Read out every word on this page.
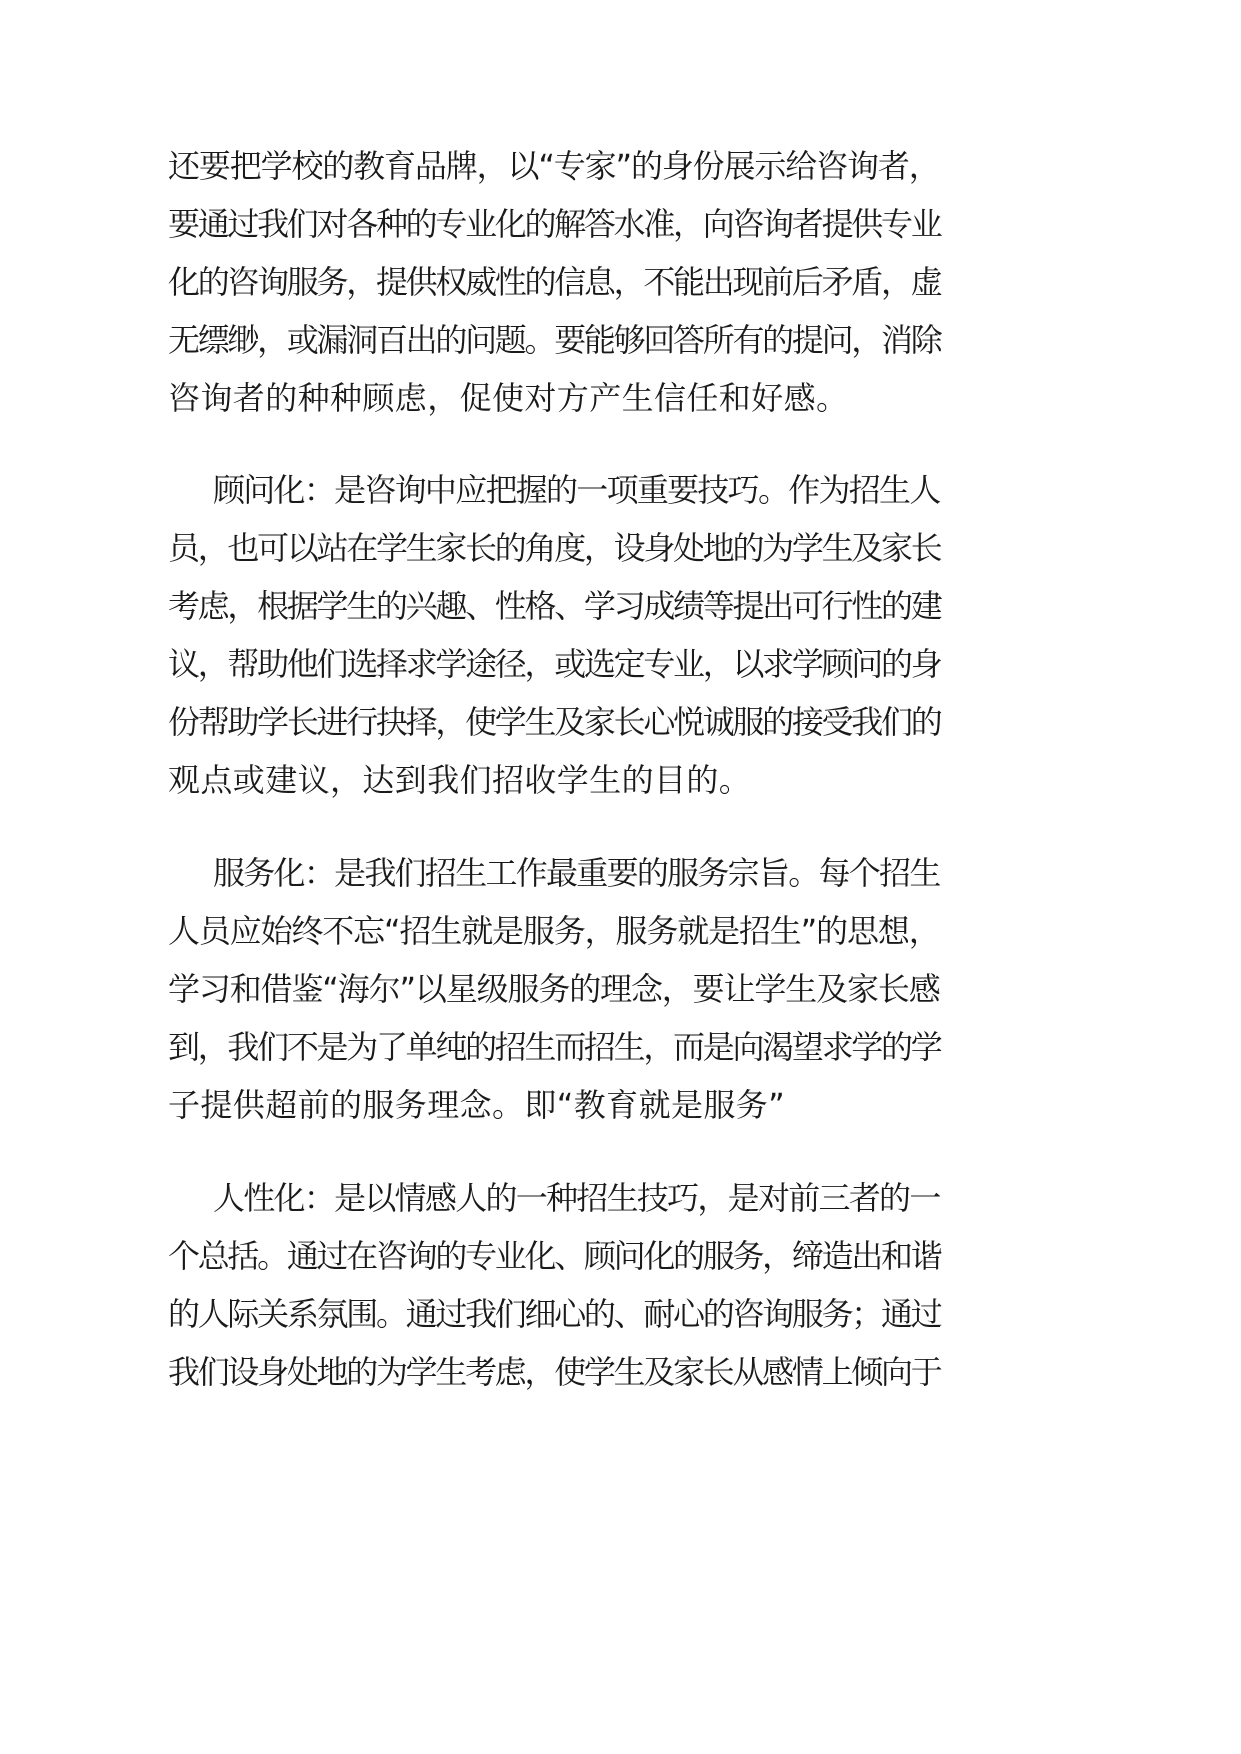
还要把学校的教育品牌，以“专家”的身份展示给咨询者，
要通过我们对各种的专业化的解答水准，向咨询者提供专业
化的咨询服务，提供权威性的信息，不能出现前后矛盾，虚
无缥缈，或漏洞百出的问题。要能够回答所有的提问，消除
咨询者的种种顾虑，促使对方产生信任和好感。
顾问化：是咨询中应把握的一项重要技巧。作为招生人
员，也可以站在学生家长的角度，设身处地的为学生及家长
考虑，根据学生的兴趣、性格、学习成绩等提出可行性的建
议，帮助他们选择求学途径，或选定专业，以求学顾问的身
份帮助学长进行抉择，使学生及家长心悦诚服的接受我们的
观点或建议，达到我们招收学生的目的。
服务化：是我们招生工作最重要的服务宗旨。每个招生
人员应始终不忘“招生就是服务，服务就是招生”的思想，
学习和借鉴“海尔”以星级服务的理念，要让学生及家长感
到，我们不是为了单纯的招生而招生，而是向渴望求学的学
子提供超前的服务理念。即“教育就是服务”
人性化：是以情感人的一种招生技巧，是对前三者的一
个总括。通过在咨询的专业化、顾问化的服务，缔造出和谐
的人际关系氛围。通过我们细心的、耐心的咨询服务；通过
我们设身处地的为学生考虑，使学生及家长从感情上倾向于
